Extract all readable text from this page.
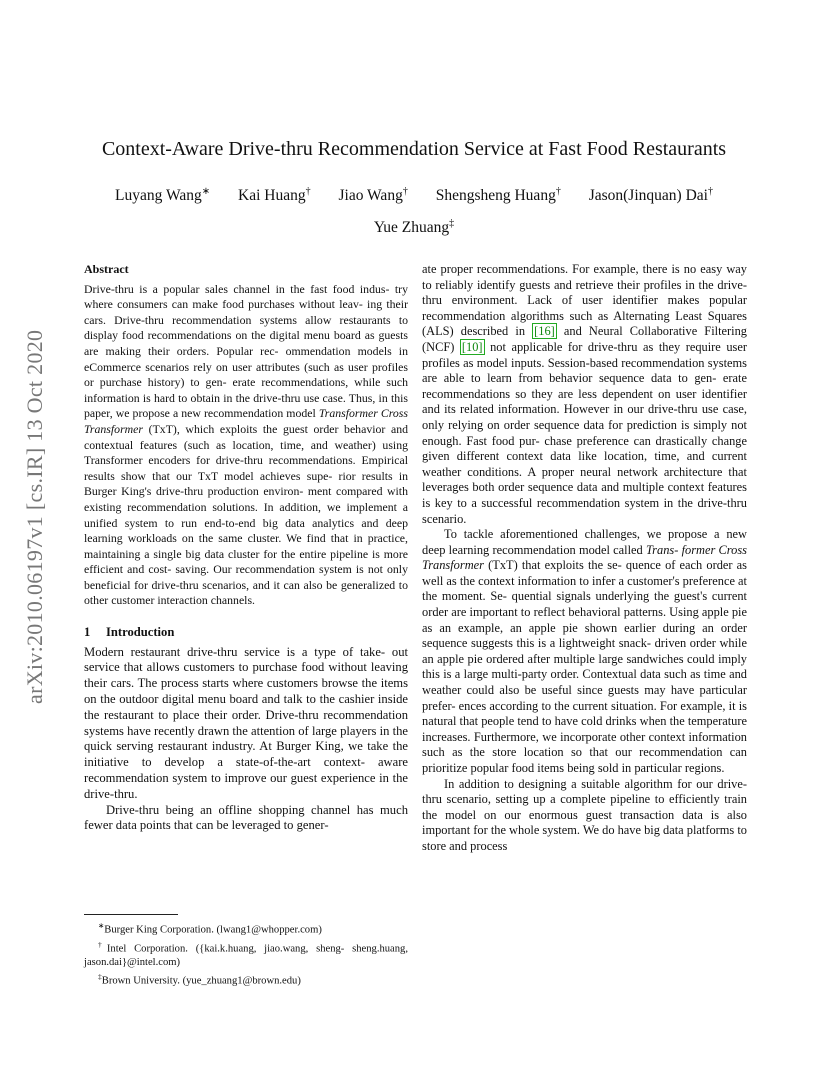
arXiv:2010.06197v1 [cs.IR] 13 Oct 2020
Context-Aware Drive-thru Recommendation Service at Fast Food Restaurants
Luyang Wang∗ Kai Huang† Jiao Wang† Shengsheng Huang† Jason(Jinquan) Dai†
Yue Zhuang‡
Abstract

Drive-thru is a popular sales channel in the fast food indus- try where consumers can make food purchases without leav- ing their cars. Drive-thru recommendation systems allow restaurants to display food recommendations on the digital menu board as guests are making their orders. Popular rec- ommendation models in eCommerce scenarios rely on user attributes (such as user profiles or purchase history) to gen- erate recommendations, while such information is hard to obtain in the drive-thru use case. Thus, in this paper, we propose a new recommendation model Transformer Cross Transformer (TxT), which exploits the guest order behavior and contextual features (such as location, time, and weather) using Transformer encoders for drive-thru recommendations. Empirical results show that our TxT model achieves supe- rior results in Burger King's drive-thru production environ- ment compared with existing recommendation solutions. In addition, we implement a unified system to run end-to-end big data analytics and deep learning workloads on the same cluster. We find that in practice, maintaining a single big data cluster for the entire pipeline is more efficient and cost- saving. Our recommendation system is not only beneficial for drive-thru scenarios, and it can also be generalized to other customer interaction channels.

1 Introduction

Modern restaurant drive-thru service is a type of take- out service that allows customers to purchase food without leaving their cars. The process starts where customers browse the items on the outdoor digital menu board and talk to the cashier inside the restaurant to place their order. Drive-thru recommendation systems have recently drawn the attention of large players in the quick serving restaurant industry. At Burger King, we take the initiative to develop a state-of-the-art context- aware recommendation system to improve our guest experience in the drive-thru.

Drive-thru being an offline shopping channel has much fewer data points that can be leveraged to gener-

∗Burger King Corporation. (lwang1@whopper.com)

†Intel Corporation. ({kai.k.huang, jiao.wang, sheng- sheng.huang, jason.dai}@intel.com)

‡Brown University. (yue_zhuang1@brown.edu)

ate proper recommendations. For example, there is no easy way to reliably identify guests and retrieve their profiles in the drive-thru environment. Lack of user identifier makes popular recommendation algorithms such as Alternating Least Squares (ALS) described in [16] and Neural Collaborative Filtering (NCF) [10] not applicable for drive-thru as they require user profiles as model inputs. Session-based recommendation systems are able to learn from behavior sequence data to gen- erate recommendations so they are less dependent on user identifier and its related information. However in our drive-thru use case, only relying on order sequence data for prediction is simply not enough. Fast food pur- chase preference can drastically change given different context data like location, time, and current weather conditions. A proper neural network architecture that leverages both order sequence data and multiple context features is key to a successful recommendation system in the drive-thru scenario.

To tackle aforementioned challenges, we propose a new deep learning recommendation model called Trans- former Cross Transformer (TxT) that exploits the se- quence of each order as well as the context information to infer a customer's preference at the moment. Se- quential signals underlying the guest's current order are important to reflect behavioral patterns. Using apple pie as an example, an apple pie shown earlier during an order sequence suggests this is a lightweight snack- driven order while an apple pie ordered after multiple large sandwiches could imply this is a large multi-party order. Contextual data such as time and weather could also be useful since guests may have particular prefer- ences according to the current situation. For example, it is natural that people tend to have cold drinks when the temperature increases. Furthermore, we incorporate other context information such as the store location so that our recommendation can prioritize popular food items being sold in particular regions.

In addition to designing a suitable algorithm for our drive-thru scenario, setting up a complete pipeline to efficiently train the model on our enormous guest transaction data is also important for the whole system. We do have big data platforms to store and process
